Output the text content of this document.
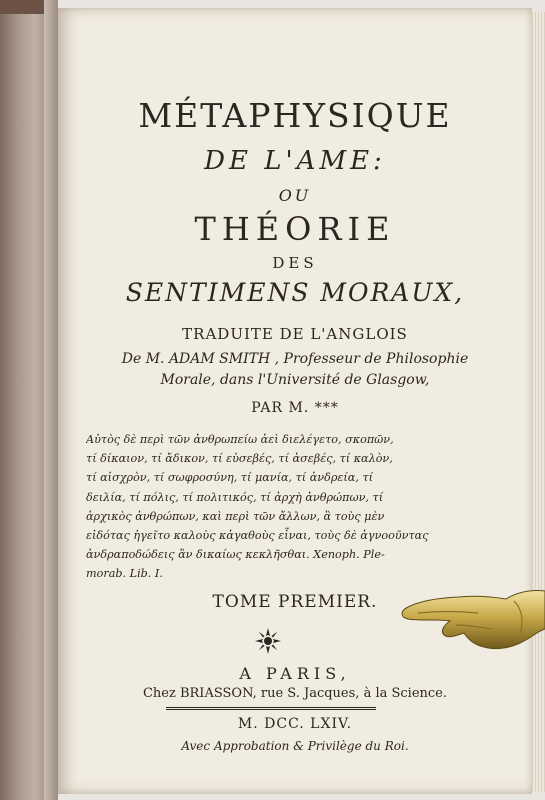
MÉTAPHYSIQUE
DE L'AME:
OU
THÉORIE
DES
SENTIMENS MORAUX,
TRADUITE DE L'ANGLOIS
De M. ADAM SMITH , Professeur de Philosophie
Morale, dans l'Université de Glasgow,
PAR M. ***
Αὐτὸς δὲ περὶ τῶν ἀνθρωπείω ἀεὶ διελέγετο, σκοπῶν,
τί δίκαιον, τί ἄδικον, τί εὐσεβές, τί ἀσεβές, τί καλὸν,
τί αἰσχρὸν, τί σωφροσύνη, τί μανία, τί ἀνδρεία, τί
δειλία, τί πόλις, τί πολιτικός, τί ἀρχὴ ἀνθρώπων, τί
ἀρχικὸς ἀνθρώπων, καὶ περὶ τῶν ἄλλων, ἃ τοὺς μὲν
εἰδότας ἡγεῖτο καλοὺς κἀγαθοὺς εἶναι, τοὺς δὲ ἀγνοοῦντας
ἀνδραποδώδεις ἂν δικαίως κεκλῆσθαι. Xenoph. Ple-
morab. Lib. I.
TOME PREMIER.
A PARIS,
Chez BRIASSON, rue S. Jacques, à la Science.
M. DCC. LXIV.
Avec Approbation & Privilège du Roi.
